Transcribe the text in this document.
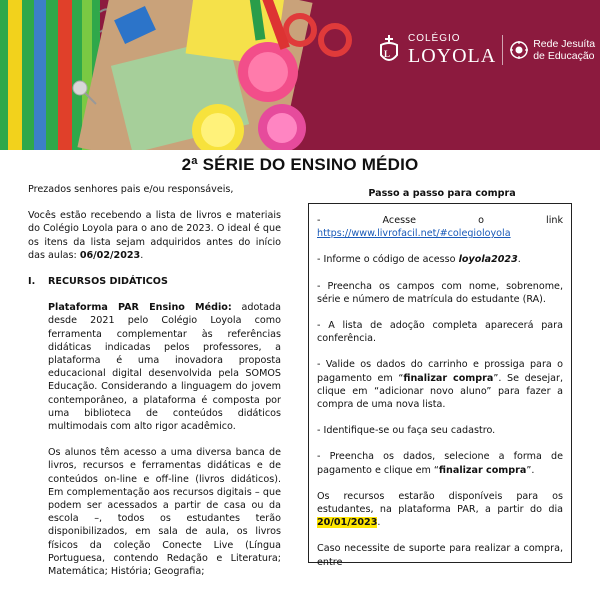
L
COLÉGIO
LOYOLA
Rede Jesuíta
de Educação
2ª SÉRIE DO ENSINO MÉDIO

Prezados senhores pais e/ou responsáveis,

Vocês estão recebendo a lista de livros e materiais do Colégio Loyola para o ano de 2023. O ideal é que os itens da lista sejam adquiridos antes do início das aulas: 06/02/2023.

I.	RECURSOS DIDÁTICOS

Plataforma PAR Ensino Médio: adotada desde 2021 pelo Colégio Loyola como ferramenta complementar às referências didáticas indicadas pelos professores, a plataforma é uma inovadora proposta educacional digital desenvolvida pela SOMOS Educação. Considerando a linguagem do jovem contemporâneo, a plataforma é composta por uma biblioteca de conteúdos didáticos multimodais com alto rigor acadêmico.

Os alunos têm acesso a uma diversa banca de livros, recursos e ferramentas didáticas e de conteúdos on-line e off-line (livros didáticos). Em complementação aos recursos digitais – que podem ser acessados a partir de casa ou da escola –, todos os estudantes terão disponibilizados, em sala de aula, os livros físicos da coleção Conecte Live (Língua Portuguesa, contendo Redação e Literatura; Matemática; História; Geografia;

Passo a passo para compra

- Acesse o link https://www.livrofacil.net/#colegioloyola

- Informe o código de acesso loyola2023.

- Preencha os campos com nome, sobrenome, série e número de matrícula do estudante (RA).

- A lista de adoção completa aparecerá para conferência.

- Valide os dados do carrinho e prossiga para o pagamento em “finalizar compra”. Se desejar, clique em “adicionar novo aluno” para fazer a compra de uma nova lista.

- Identifique-se ou faça seu cadastro.

- Preencha os dados, selecione a forma de pagamento e clique em “finalizar compra”.

Os recursos estarão disponíveis para os estudantes, na plataforma PAR, a partir do dia 20/01/2023.

Caso necessite de suporte para realizar a compra, entre
